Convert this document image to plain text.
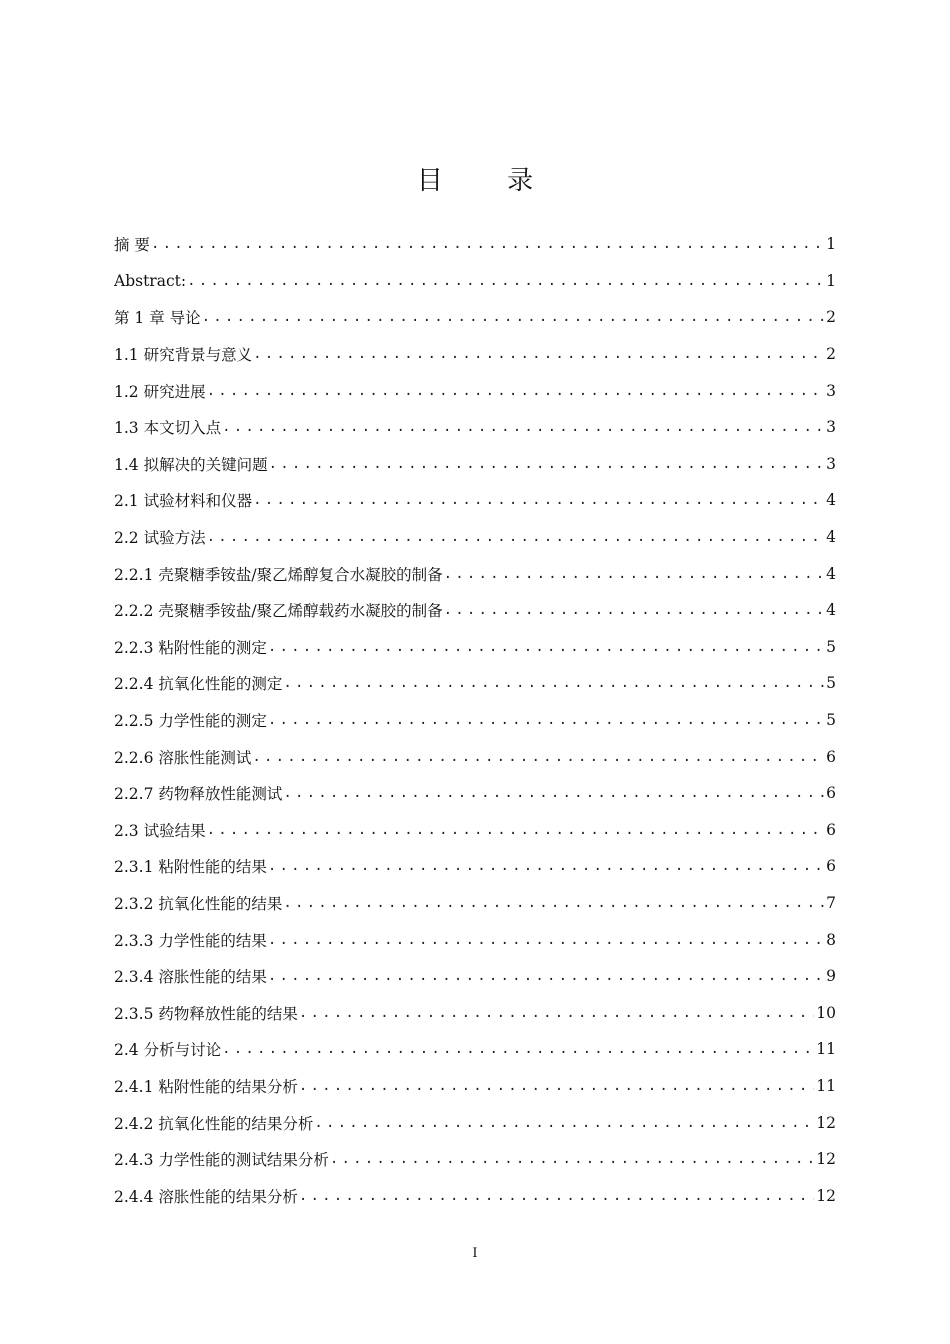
目 录
摘 要 .....	1
Abstract: .....	1
第 1 章 导论 .....	2
1.1 研究背景与意义 .....	2
1.2 研究进展 .....	3
1.3 本文切入点 .....	3
1.4 拟解决的关键问题 .....	3
2.1 试验材料和仪器 .....	4
2.2 试验方法 .....	4
2.2.1 壳聚糖季铵盐/聚乙烯醇复合水凝胶的制备 .....	4
2.2.2 壳聚糖季铵盐/聚乙烯醇载药水凝胶的制备 .....	4
2.2.3 粘附性能的测定 .....	5
2.2.4 抗氧化性能的测定 .....	5
2.2.5 力学性能的测定 .....	5
2.2.6 溶胀性能测试 .....	6
2.2.7 药物释放性能测试 .....	6
2.3 试验结果 .....	6
2.3.1 粘附性能的结果 .....	6
2.3.2 抗氧化性能的结果 .....	7
2.3.3 力学性能的结果 .....	8
2.3.4 溶胀性能的结果 .....	9
2.3.5 药物释放性能的结果 .....	10
2.4 分析与讨论 .....	11
2.4.1 粘附性能的结果分析 .....	11
2.4.2 抗氧化性能的结果分析 .....	12
2.4.3 力学性能的测试结果分析 .....	12
2.4.4 溶胀性能的结果分析 .....	12
I
